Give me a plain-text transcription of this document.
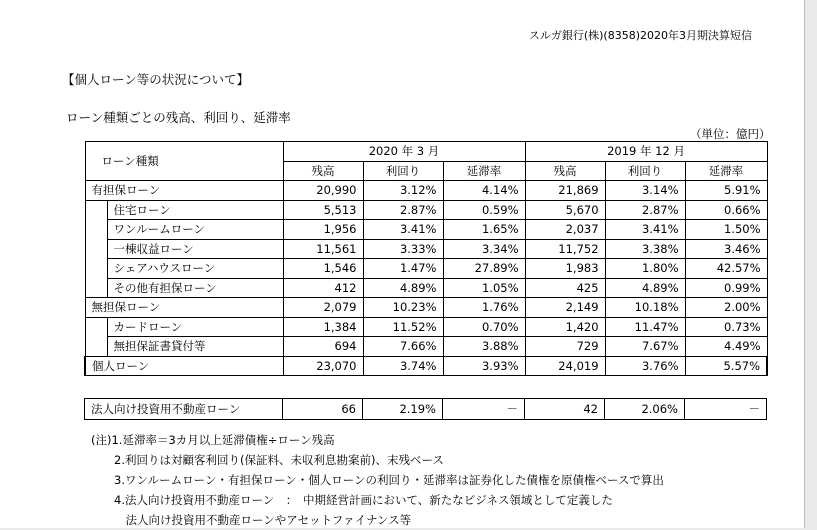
スルガ銀行(株)(8358)2020年3月期決算短信
【個人ローン等の状況について】
ローン種類ごとの残高、利回り、延滞率
（単位：億円）
ローン種類		2020 年 3 月			2019 年 12 月		
		残高	利回り	延滞率	残高	利回り	延滞率
有担保ローン		20,990	3.12%	4.14%	21,869	3.14%	5.91%
	住宅ローン	5,513	2.87%	0.59%	5,670	2.87%	0.66%
	ワンルームローン	1,956	3.41%	1.65%	2,037	3.41%	1.50%
	一棟収益ローン	11,561	3.33%	3.34%	11,752	3.38%	3.46%
	シェアハウスローン	1,546	1.47%	27.89%	1,983	1.80%	42.57%
	その他有担保ローン	412	4.89%	1.05%	425	4.89%	0.99%
無担保ローン		2,079	10.23%	1.76%	2,149	10.18%	2.00%
	カードローン	1,384	11.52%	0.70%	1,420	11.47%	0.73%
	無担保証書貸付等	694	7.66%	3.88%	729	7.67%	4.49%
個人ローン		23,070	3.74%	3.93%	24,019	3.76%	5.57%
法人向け投資用不動産ローン	66	2.19%	－	42	2.06%	－
(注)1.延滞率＝3カ月以上延滞債権÷ローン残高
　　2.利回りは対顧客利回り(保証料、未収利息勘案前)、末残ベース
　　3.ワンルームローン・有担保ローン・個人ローンの利回り・延滞率は証券化した債権を原債権ベースで算出
　　4.法人向け投資用不動産ローン　：　中期経営計画において、新たなビジネス領域として定義した
　　　法人向け投資用不動産ローンやアセットファイナンス等
